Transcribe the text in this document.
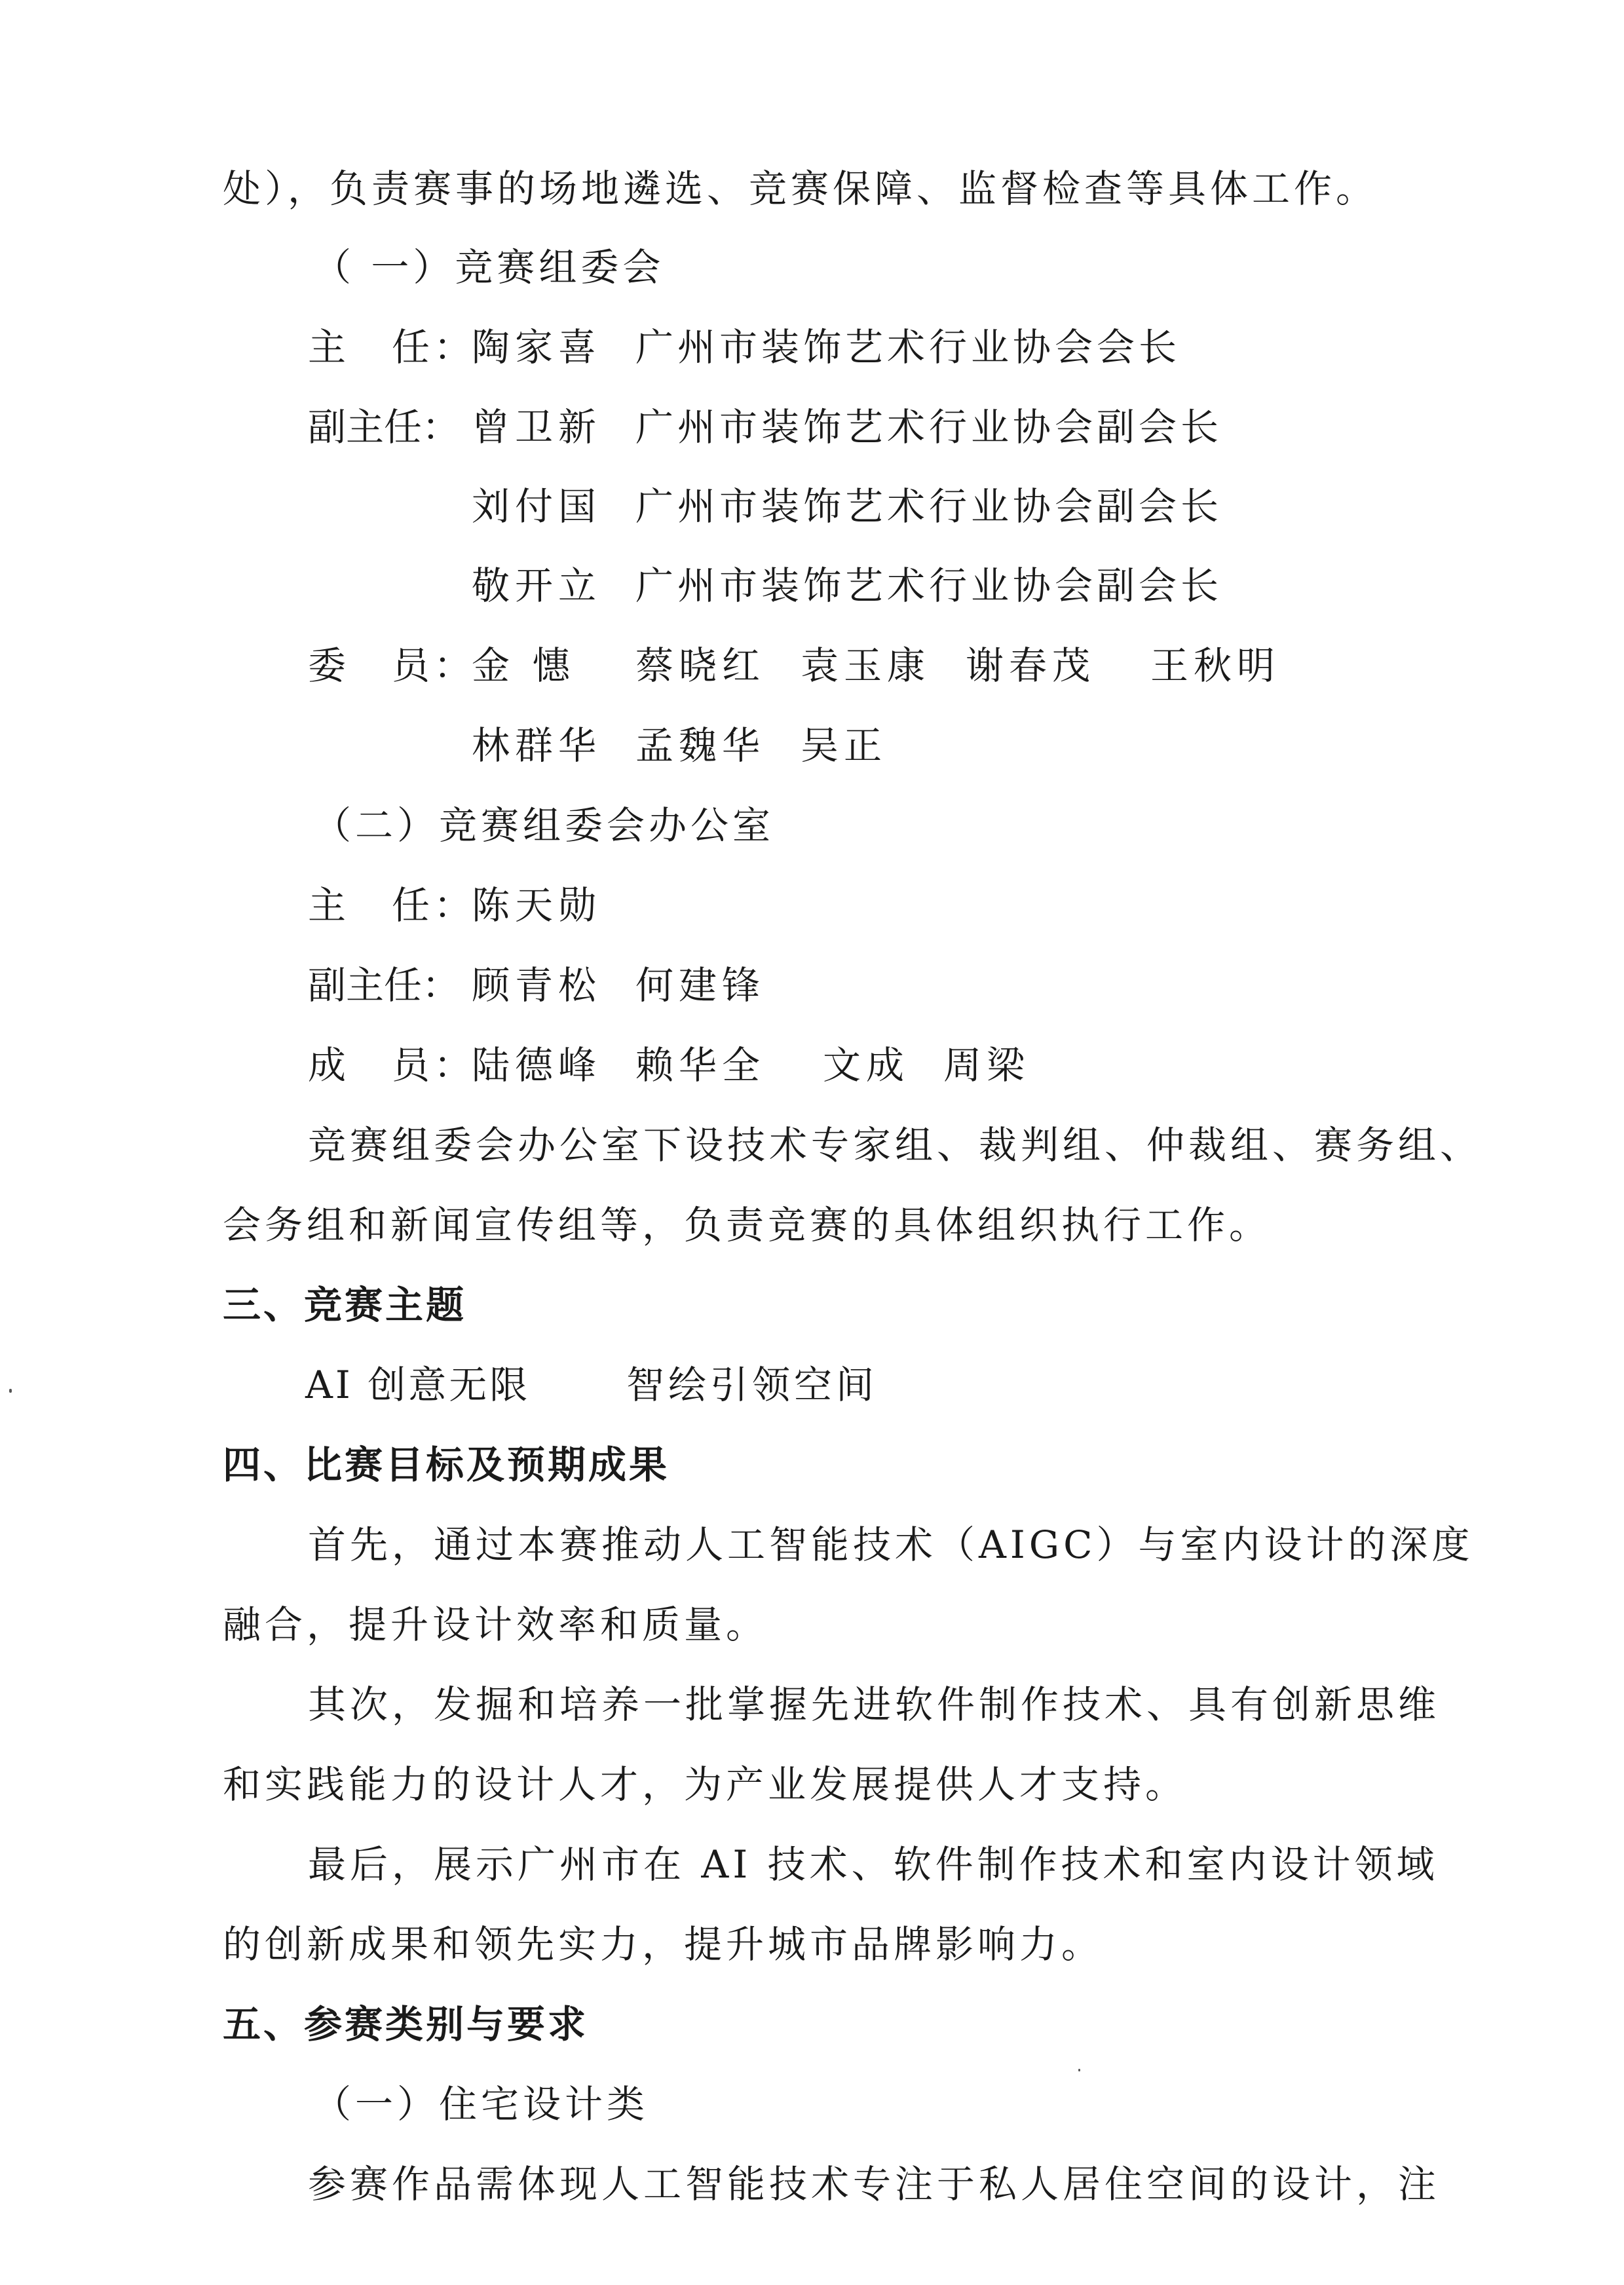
处），负责赛事的场地遴选、竞赛保障、监督检查等具体工作。
（ 一）竞赛组委会
主　任：
陶家喜 广州市装饰艺术行业协会会长
副主任： 曾卫新 广州市装饰艺术行业协会副会长
刘付国 广州市装饰艺术行业协会副会长
敬开立 广州市装饰艺术行业协会副会长
委　员：
金 憓 蔡晓红 袁玉康 谢春茂 王秋明
林群华 孟魏华 吴正
（二）竞赛组委会办公室
主　任：
陈天勋
副主任： 顾青松 何建锋
成　员：
陆德峰 赖华全 文成 周梁
竞赛组委会办公室下设技术专家组、裁判组、仲裁组、赛务组、
会务组和新闻宣传组等，负责竞赛的具体组织执行工作。
三、竞赛主题
AI 创意无限	智绘引领空间
四、比赛目标及预期成果
首先，通过本赛推动人工智能技术（AIGC）与室内设计的深度
融合，提升设计效率和质量。
其次，发掘和培养一批掌握先进软件制作技术、具有创新思维
和实践能力的设计人才，为产业发展提供人才支持。
最后，展示广州市在 AI 技术、软件制作技术和室内设计领域
的创新成果和领先实力，提升城市品牌影响力。
五、参赛类别与要求
（一）住宅设计类
参赛作品需体现人工智能技术专注于私人居住空间的设计，注
